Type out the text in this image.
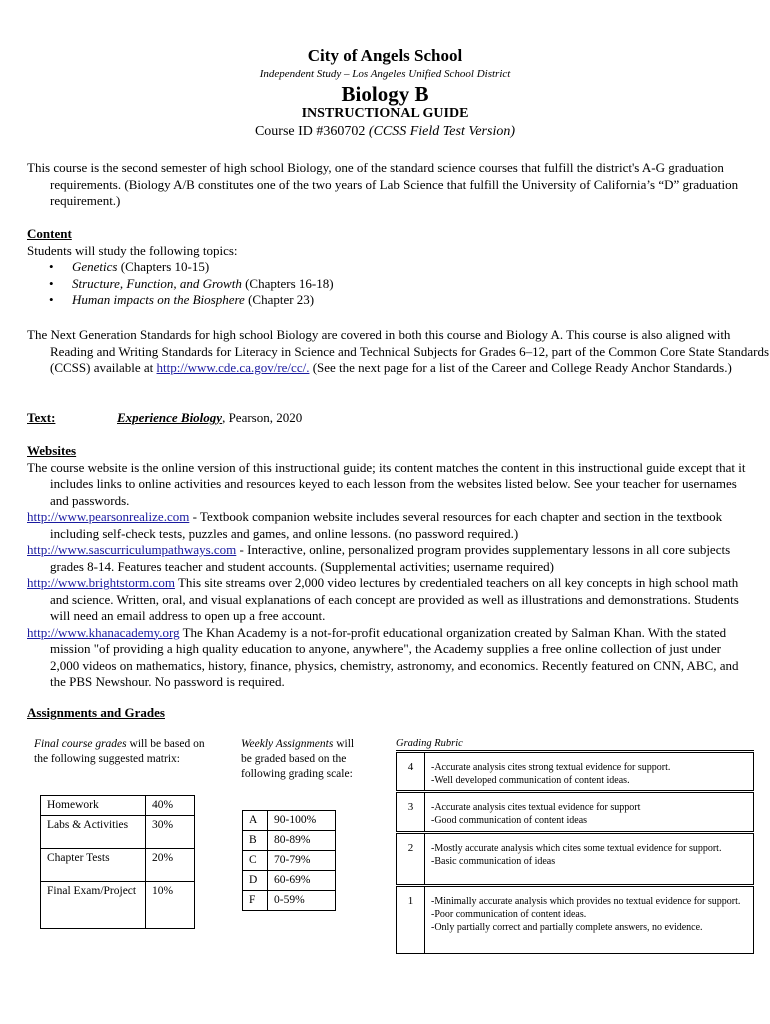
City of Angels School
Independent Study – Los Angeles Unified School District
Biology B
INSTRUCTIONAL GUIDE
Course ID #360702 (CCSS Field Test Version)
This course is the second semester of high school Biology, one of the standard science courses that fulfill the district's A-G graduation requirements. (Biology A/B constitutes one of the two years of Lab Science that fulfill the University of California’s “D” graduation requirement.)
Content
Students will study the following topics:
• Genetics (Chapters 10-15)
• Structure, Function, and Growth (Chapters 16-18)
• Human impacts on the Biosphere (Chapter 23)
The Next Generation Standards for high school Biology are covered in both this course and Biology A. This course is also aligned with Reading and Writing Standards for Literacy in Science and Technical Subjects for Grades 6–12, part of the Common Core State Standards (CCSS) available at http://www.cde.ca.gov/re/cc/. (See the next page for a list of the Career and College Ready Anchor Standards.)
Text:	Experience Biology, Pearson, 2020
Websites
The course website is the online version of this instructional guide; its content matches the content in this instructional guide except that it includes links to online activities and resources keyed to each lesson from the websites listed below. See your teacher for usernames and passwords.
http://www.pearsonrealize.com - Textbook companion website includes several resources for each chapter and section in the textbook including self-check tests, puzzles and games, and online lessons. (no password required.)
http://www.sascurriculumpathways.com - Interactive, online, personalized program provides supplementary lessons in all core subjects grades 8-14. Features teacher and student accounts. (Supplemental activities; username required)
http://www.brightstorm.com This site streams over 2,000 video lectures by credentialed teachers on all key concepts in high school math and science. Written, oral, and visual explanations of each concept are provided as well as illustrations and demonstrations. Students will need an email address to open up a free account.
http://www.khanacademy.org The Khan Academy is a not-for-profit educational organization created by Salman Khan. With the stated mission "of providing a high quality education to anyone, anywhere", the Academy supplies a free online collection of just under 2,000 videos on mathematics, history, finance, physics, chemistry, astronomy, and economics. Recently featured on CNN, ABC, and the PBS Newshour. No password is required.
Assignments and Grades
Final course grades will be based on the following suggested matrix:
Homework	40%
Labs & Activities	30%
Chapter Tests	20%
Final Exam/Project	10%
Weekly Assignments will be graded based on the following grading scale:
A	90-100%
B	80-89%
C	70-79%
D	60-69%
F	0-59%
Grading Rubric
4	-Accurate analysis cites strong textual evidence for support.
-Well developed communication of content ideas.
3	-Accurate analysis cites textual evidence for support
-Good communication of content ideas
2	-Mostly accurate analysis which cites some textual evidence for support.
-Basic communication of ideas
1	-Minimally accurate analysis which provides no textual evidence for support.
-Poor communication of content ideas.
-Only partially correct and partially complete answers, no evidence.
